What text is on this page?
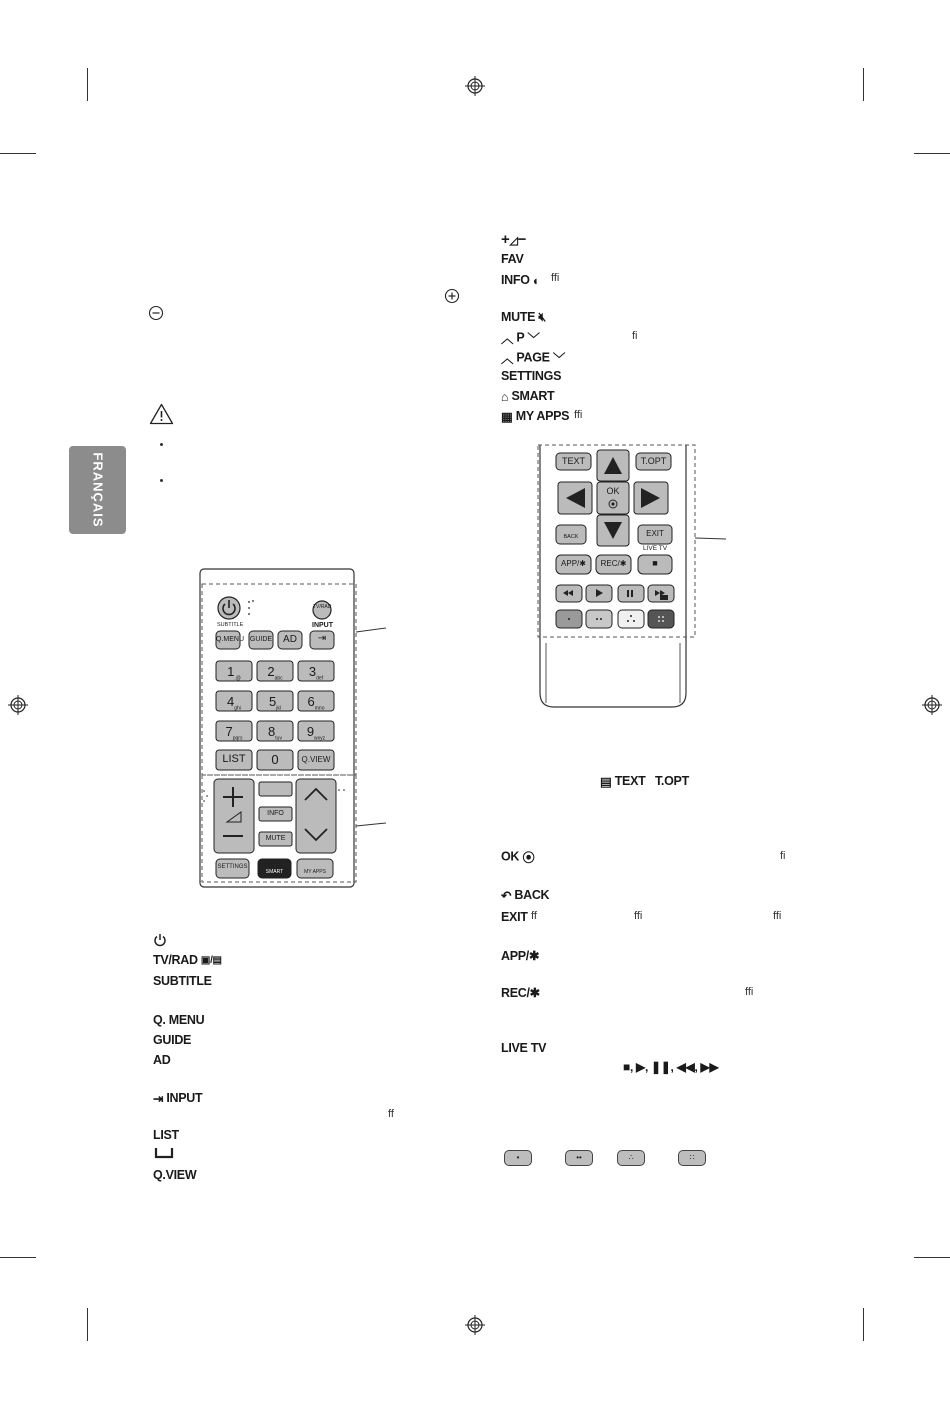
FRANÇAIS
SUBTITLE	INPUT
TV/RAD
Q.MENU GUIDE	AD	⇥
$1_{.@}$	$2_{abc}$	$3_{def}$
$4_{ghi}$	$5_{jkl}$	$6_{mno}$
$7_{pqrs}$	$8_{tuv}$	$9_{wxyz}$
LIST	0	Q.VIEW
INFO
MUTE
SETTINGS
SMART	MY APPS
TV/RAD ▣/▤
SUBTITLE
Q. MENU
GUIDE
AD
⇥ INPUT
ff
LIST
Q.VIEW
+◿−
FAV
INFO ◐ ffi
MUTE 🔇︎
︿ P ﹀	fi
︿ PAGE ﹀
SETTINGS
⌂ SMART
▦ MY APPS ffi
TEXT	T.OPT
OK
BACK	EXIT
LIVE TV
APP/✱	REC/✱	■
▤ TEXT T.OPT
OK ⦿	fi
↶ BACK
EXIT ff	ffi	ffi
APP/✱
REC/✱	ffi
LIVE TV
■, ▶, ❚❚, ◀◀, ▶▶
•	••	∴	∷
